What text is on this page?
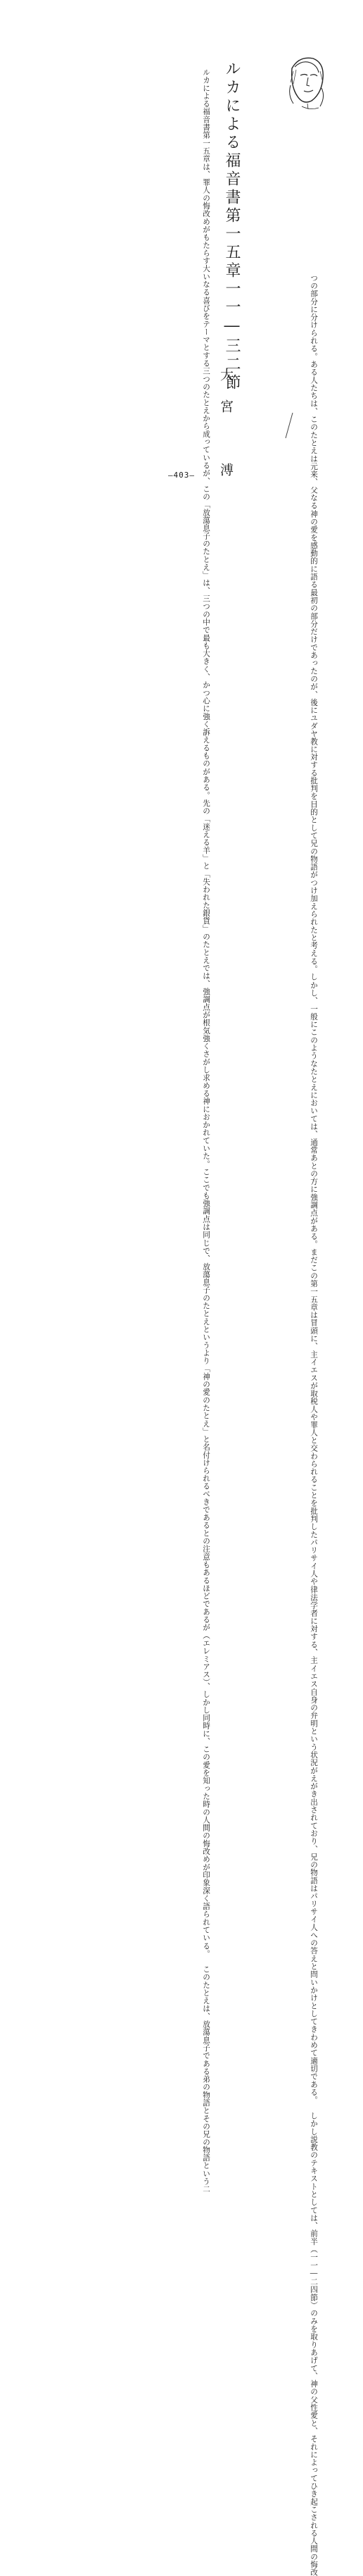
ルカによる福音書第一五章一一―三二節
　ルカによる福音書第一五章は、罪人の悔改めがもたらす大いなる
喜びをテーマとする三つのたとえから成っているが、この「放蕩息
子のたとえ」は、三つの中で最も大きく、かつ心に強く訴えるもの
がある。先の「迷える羊」と「失われた銀貨」のたとえでは、強調
点が根気強くさがし求める神におかれていた。ここでも強調点は同
じで、放蕩息子のたとえというより「神の愛のたとえ」と名付けら
れるべきであるとの注意もあるほどであるが（エレミアス）、しか
し同時に、この愛を知った時の人間の悔改めが印象深く語られてい
る。
　このたとえは、放蕩息子である弟の物語とその兄の物語という二
大宮　溥	つの部分に分けられる。ある人たちは、このたとえは元来、父なる
神の愛を感動的に語る最初の部分だけであったのが、後にユダヤ教
に対する批判を目的として兄の物語がつけ加えられたと考える。し
かし、一般にこのようなたとえにおいては、通常あとの方に
強調点がある。まだこの第一五章は冒頭に、主イエスが取税人や罪
人と交わられることを批判したパリサイ人や律法学者に対する、主
イエス自身の弁明という状況がえがき出されており、兄の物語はパ
リサイ人への答えと問いかけとしてきわめて適切である。
　しかし説教のテキストとしては、前半（一一―二四節）のみを取
りあげて、神の父性愛と、それによってひき起こされる人間の悔改
―403―
